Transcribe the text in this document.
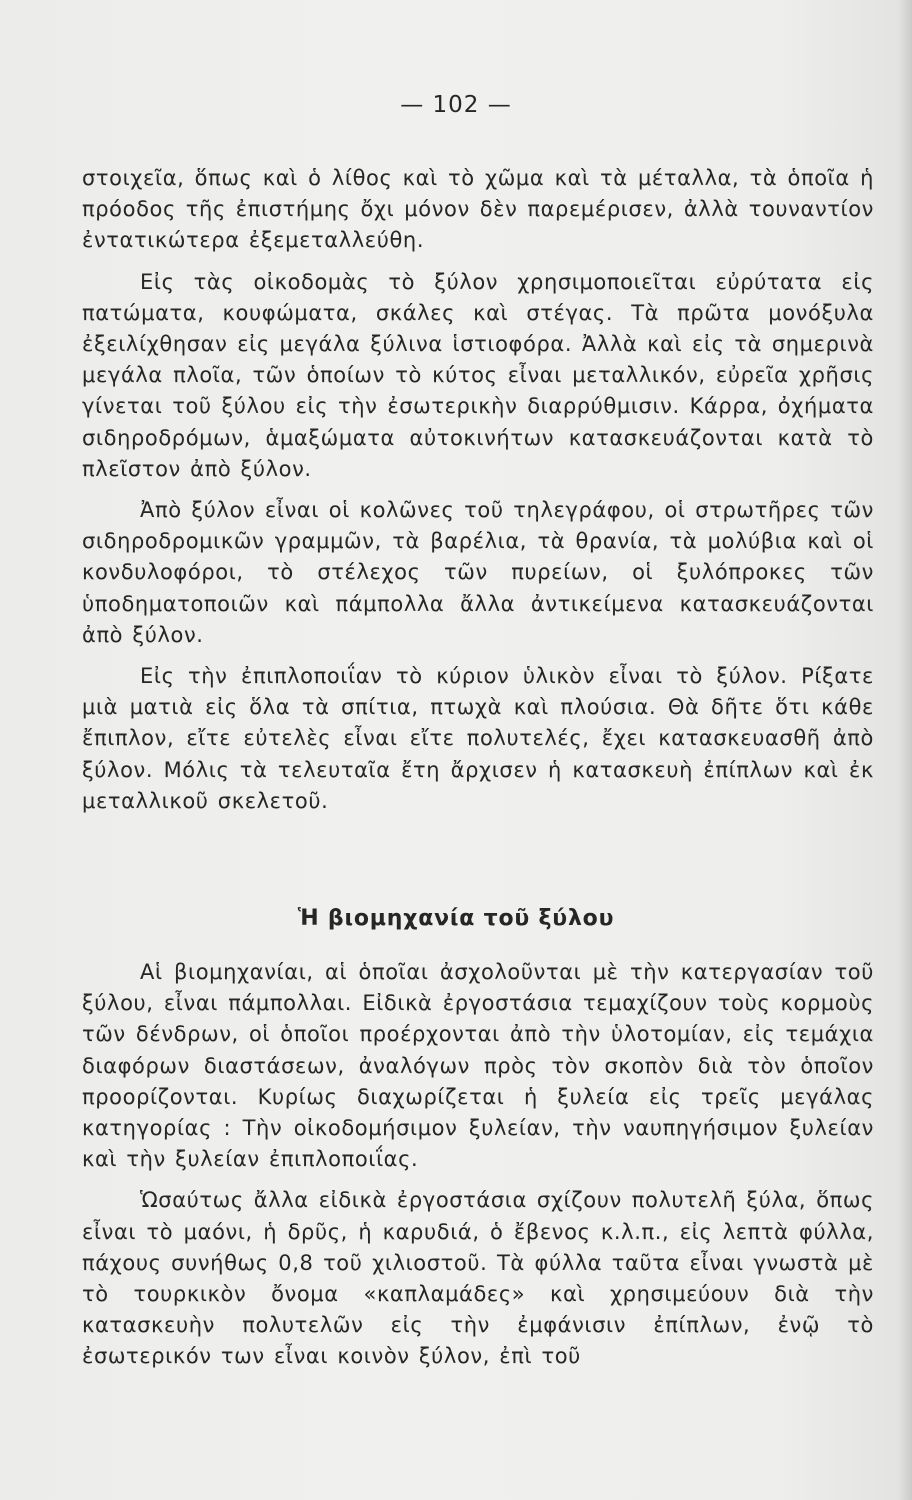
— 102 —

στοιχεῖα, ὅπως καὶ ὁ λίθος καὶ τὸ χῶμα καὶ τὰ μέταλλα, τὰ ὁποῖα ἡ πρόοδος τῆς ἐπιστήμης ὄχι μόνον δὲν παρεμέρισεν, ἀλλὰ τουναντίον ἐντατικώτερα ἐξεμεταλλεύθη.

Εἰς τὰς οἰκοδομὰς τὸ ξύλον χρησιμοποιεῖται εὐρύτατα εἰς πατώματα, κουφώματα, σκάλες καὶ στέγας. Τὰ πρῶτα μονόξυλα ἐξειλίχθησαν εἰς μεγάλα ξύλινα ἱστιοφόρα. Ἀλλὰ καὶ εἰς τὰ σημερινὰ μεγάλα πλοῖα, τῶν ὁποίων τὸ κύτος εἶναι μεταλλικόν, εὐρεῖα χρῆσις γίνεται τοῦ ξύλου εἰς τὴν ἐσωτερικὴν διαρρύθμισιν. Κάρρα, ὀχήματα σιδηροδρόμων, ἁμαξώματα αὐτοκινήτων κατασκευάζονται κατὰ τὸ πλεῖστον ἀπὸ ξύλον.

Ἀπὸ ξύλον εἶναι οἱ κολῶνες τοῦ τηλεγράφου, οἱ στρωτῆρες τῶν σιδηροδρομικῶν γραμμῶν, τὰ βαρέλια, τὰ θρανία, τὰ μολύβια καὶ οἱ κονδυλοφόροι, τὸ στέλεχος τῶν πυρείων, οἱ ξυλόπροκες τῶν ὑποδηματοποιῶν καὶ πάμπολλα ἄλλα ἀντικείμενα κατασκευάζονται ἀπὸ ξύλον.

Εἰς τὴν ἐπιπλοποιΐαν τὸ κύριον ὑλικὸν εἶναι τὸ ξύλον. Ρίξατε μιὰ ματιὰ εἰς ὅλα τὰ σπίτια, πτωχὰ καὶ πλούσια. Θὰ δῆτε ὅτι κάθε ἔπιπλον, εἴτε εὐτελὲς εἶναι εἴτε πολυτελές, ἔχει κατασκευασθῆ ἀπὸ ξύλον. Μόλις τὰ τελευταῖα ἔτη ἄρχισεν ἡ κατασκευὴ ἐπίπλων καὶ ἐκ μεταλλικοῦ σκελετοῦ.

Ἡ βιομηχανία τοῦ ξύλου

Αἱ βιομηχανίαι, αἱ ὁποῖαι ἀσχολοῦνται μὲ τὴν κατεργασίαν τοῦ ξύλου, εἶναι πάμπολλαι. Εἰδικὰ ἐργοστάσια τεμαχίζουν τοὺς κορμοὺς τῶν δένδρων, οἱ ὁποῖοι προέρχονται ἀπὸ τὴν ὑλοτομίαν, εἰς τεμάχια διαφόρων διαστάσεων, ἀναλόγων πρὸς τὸν σκοπὸν διὰ τὸν ὁποῖον προορίζονται. Κυρίως διαχωρίζεται ἡ ξυλεία εἰς τρεῖς μεγάλας κατηγορίας : Τὴν οἰκοδομήσιμον ξυλείαν, τὴν ναυπηγήσιμον ξυλείαν καὶ τὴν ξυλείαν ἐπιπλοποιΐας.

Ὡσαύτως ἄλλα εἰδικὰ ἐργοστάσια σχίζουν πολυτελῆ ξύλα, ὅπως εἶναι τὸ μαόνι, ἡ δρῦς, ἡ καρυδιά, ὁ ἔβενος κ.λ.π., εἰς λεπτὰ φύλλα, πάχους συνήθως 0,8 τοῦ χιλιοστοῦ. Τὰ φύλλα ταῦτα εἶναι γνωστὰ μὲ τὸ τουρκικὸν ὄνομα «καπλαμάδες» καὶ χρησιμεύουν διὰ τὴν κατασκευὴν πολυτελῶν εἰς τὴν ἐμφάνισιν ἐπίπλων, ἐνῷ τὸ ἐσωτερικόν των εἶναι κοινὸν ξύλον, ἐπὶ τοῦ
